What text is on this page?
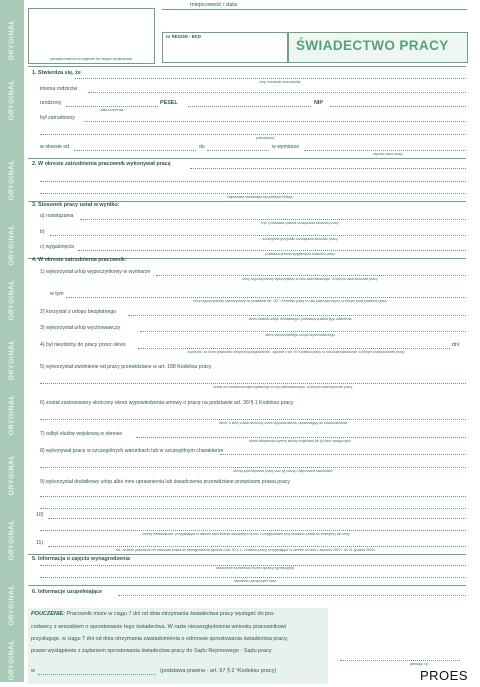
ORYGINAŁ
ORYGINAŁ
ORYGINAŁ
ORYGINAŁ
ORYGINAŁ
ORYGINAŁ
ORYGINAŁ
ORYGINAŁ
ORYGINAŁ
ORYGINAŁ
ORYGINAŁ
pieczątka imienna lub nagłówek lub miejsce zamieszkania
miejscowość i data
nr REGON - EKD
ŚWIADECTWO PRACY
1. Stwierdza się, że
imię i nazwisko pracownika
imiona rodziców
urodzony
data urodzenia
PESEL	NIP
był zatrudniony
pracodawca
w okresie od	do	w wymiarze
wymiar czasu pracy
2. W okresie zatrudnienia pracownik wykonywał pracę
zajmowane stanowiska lub pełnione funkcje
3. Stosunek pracy ustał w wyniku:
a) rozwiązania
tryb i podstawa prawna rozwiązania stosunku pracy
b)
szczególne przypadki rozwiązania stosunku pracy
c) wygaśnięcia
podstawa prawna wygaśnięcia stosunku pracy
4. W okresie zatrudnienia pracownik:
1) wykorzystał urlop wypoczynkowy w wymiarze
urlop wypoczynkowy wykorzystany w roku kalendarzowym, w którym ustał stosunek pracy
w tym
urlop wypoczynkowy wykorzystany na podstawie art. 167 ² Kodeksu pracy w roku kalendarzowym, w którym ustał stosunek pracy
2) korzystał z urlopu bezpłatnego
okres trwania urlopu bezpłatnego i podstawa prawna jego udzielenia
3) wykorzystał urlop wychowawczy
okres wykorzystanego urlopu wychowawczego
4) był niezdolny do pracy przez okres	dni
liczba dni, za które pracownik otrzymał wynagrodzenie - zgodnie z art. 92 Kodeksu pracy, w roku kalendarzowym, w którym ustał stosunek pracy
5) wykorzystał zwolnienie od pracy przewidziane w art. 188 Kodeksu pracy
liczba dni zwolnienia wykorzystanego w roku kalendarzowym, w którym ustał stosunek pracy
6) został zastosowany skrócony okres wypowiedzenia umowy o pracę na podstawie art. 36¹§ 1 Kodeksu pracy
okres, o który został skrócony okres wypowiedzenia, uprawniający do odszkodowania
7) odbył służbę wojskową w okresie
okres odbywania czynnej służby wojskowej lub jej form zastępczych
8) wykonywał pracę w szczególnych warunkach lub w szczególnym charakterze
okresy wykonywania pracy oraz jej rodzaj i zajmowane stanowisko
9) wykorzystał dodatkowy urlop albo inne uprawnienia lub świadczenia przewidziane przepisami prawa pracy
10)
okresy nieskładkowe, przypadające w okresie zatrudnienia wskazanym w ust. 1 uwzględniane przy ustalaniu prawa do emerytury lub renty
11)
dni, za które pracownik nie zachował prawa do wynagrodzenia zgodnie z art. 92 § 1 ¹ Kodeksu pracy, przypadające w okresie od dnia 1 stycznia 2003 r. do 31 grudnia 2003 r.
5. Informacja o zajęciu wynagrodzenia
oznaczenie komornika i numer sprawy egzekucyjnej
wysokość potrąconych kwot
6. Informacje uzupełniające
POUCZENIE: Pracownik może w ciągu 7 dni od dnia otrzymania świadectwa pracy wystąpić do pra-
codawcy z wnioskiem o sprostowanie tego świadectwa. W razie nieuwzględnienia wniosku pracownikowi
przysługuje, w ciągu 7 dni od dnia otrzymania zawiadomienia o odmowie sprostowania świadectwa pracy,
prawo wystąpienia z żądaniem sprostowania świadectwa pracy do Sądu Rejonowego - Sądu pracy
w	(podstawa prawna - art. 97 § 2 ¹Kodeksu pracy)
pieczęć i p
PROES
